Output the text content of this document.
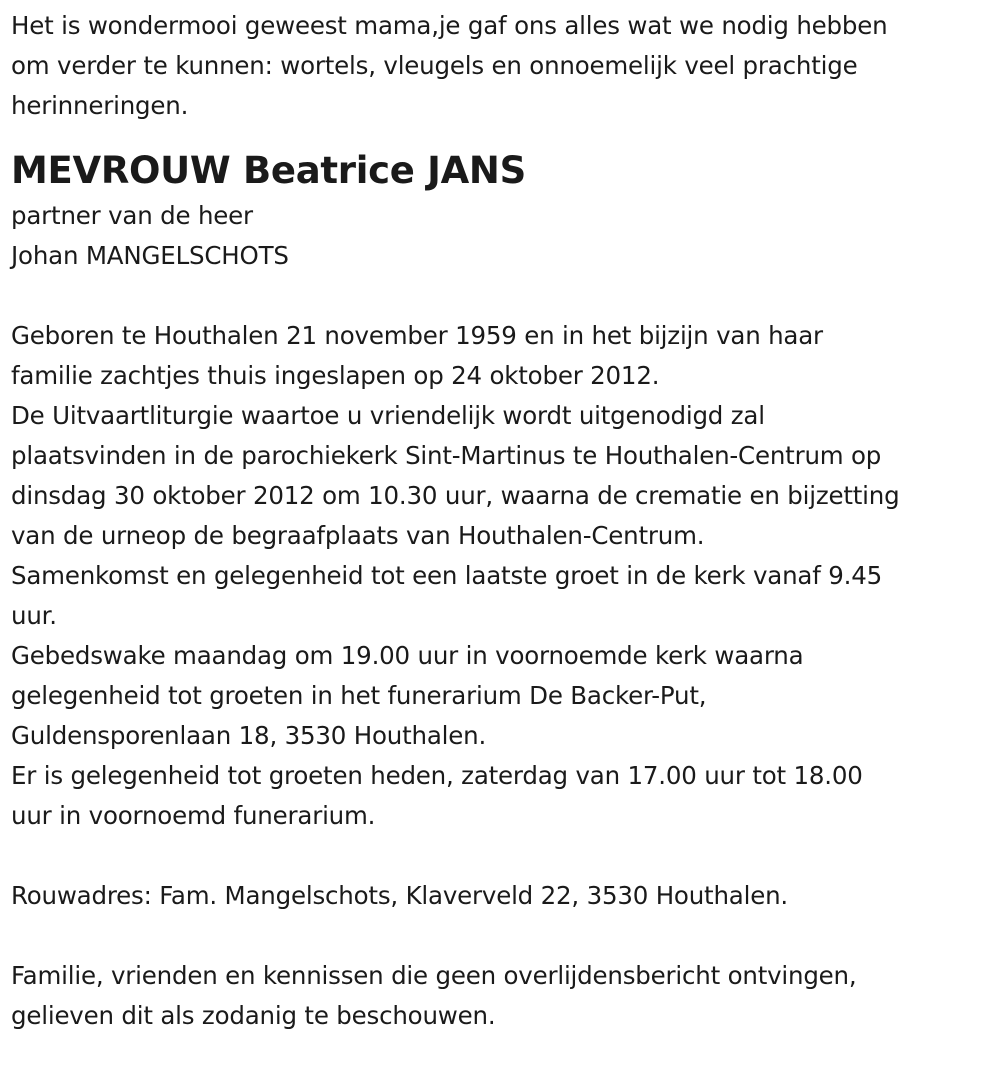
Het is wondermooi geweest mama,je gaf ons alles wat we nodig hebben

om verder te kunnen: wortels, vleugels en onnoemelijk veel prachtige

herinneringen.

MEVROUW Beatrice JANS

partner van de heer

Johan MANGELSCHOTS

Geboren te Houthalen 21 november 1959 en in het bijzijn van haar

familie zachtjes thuis ingeslapen op 24 oktober 2012.

De Uitvaartliturgie waartoe u vriendelijk wordt uitgenodigd zal

plaatsvinden in de parochiekerk Sint-Martinus te Houthalen-Centrum op

dinsdag 30 oktober 2012 om 10.30 uur, waarna de crematie en bijzetting

van de urneop de begraafplaats van Houthalen-Centrum.

Samenkomst en gelegenheid tot een laatste groet in de kerk vanaf 9.45

uur.

Gebedswake maandag om 19.00 uur in voornoemde kerk waarna

gelegenheid tot groeten in het funerarium De Backer-Put,

Guldensporenlaan 18, 3530 Houthalen.

Er is gelegenheid tot groeten heden, zaterdag van 17.00 uur tot 18.00

uur in voornoemd funerarium.

Rouwadres: Fam. Mangelschots, Klaverveld 22, 3530 Houthalen.

Familie, vrienden en kennissen die geen overlijdensbericht ontvingen,

gelieven dit als zodanig te beschouwen.
